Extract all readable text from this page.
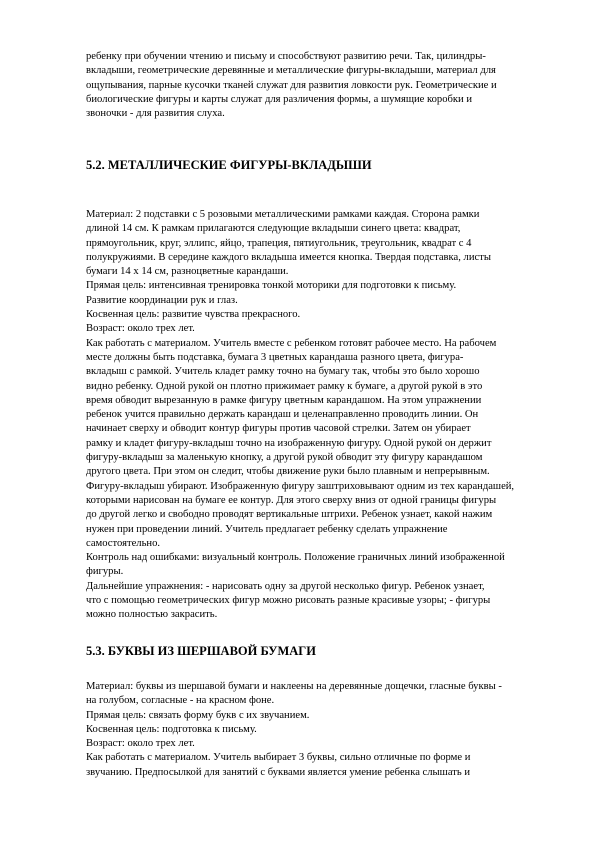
ребенку при обучении чтению и письму и способствуют развитию речи. Так, цилиндры-

вкладыши, геометрические деревянные и металлические фигуры-вкладыши, материал для

ощупывания, парные кусочки тканей служат для развития ловкости рук. Геометрические и

биологические фигуры и карты служат для различения формы, а шумящие коробки и

звоночки - для развития слуха.

5.2. МЕТАЛЛИЧЕСКИЕ ФИГУРЫ-ВКЛАДЫШИ

Материал: 2 подставки с 5 розовыми металлическими рамками каждая. Сторона рамки

длиной 14 см. К рамкам прилагаются следующие вкладыши синего цвета: квадрат,

прямоугольник, круг, эллипс, яйцо, трапеция, пятиугольник, треугольник, квадрат с 4

полукружиями. В середине каждого вкладыша имеется кнопка. Твердая подставка, листы

бумаги 14 х 14 см, разноцветные карандаши.

Прямая цель: интенсивная тренировка тонкой моторики для подготовки к письму.

Развитие координации рук и глаз.

Косвенная цель: развитие чувства прекрасного.

Возраст: около трех лет.

Как работать с материалом. Учитель вместе с ребенком готовят рабочее место. На рабочем

месте должны быть подставка, бумага 3 цветных карандаша разного цвета, фигура-

вкладыш с рамкой. Учитель кладет рамку точно на бумагу так, чтобы это было хорошо

видно ребенку. Одной рукой он плотно прижимает рамку к бумаге, а другой рукой в это

время обводит вырезанную в рамке фигуру цветным карандашом. На этом упражнении

ребенок учится правильно держать карандаш и целенаправленно проводить линии. Он

начинает сверху и обводит контур фигуры против часовой стрелки. Затем он убирает

рамку и кладет фигуру-вкладыш точно на изображенную фигуру. Одной рукой он держит

фигуру-вкладыш за маленькую кнопку, а другой рукой обводит эту фигуру карандашом

другого цвета. При этом он следит, чтобы движение руки было плавным и непрерывным.

Фигуру-вкладыш убирают. Изображенную фигуру заштриховывают одним из тех карандашей,

которыми нарисован на бумаге ее контур. Для этого сверху вниз от одной границы фигуры

до другой легко и свободно проводят вертикальные штрихи. Ребенок узнает, какой нажим

нужен при проведении линий. Учитель предлагает ребенку сделать упражнение

самостоятельно.

Контроль над ошибками: визуальный контроль. Положение граничных линий изображенной

фигуры.

Дальнейшие упражнения: - нарисовать одну за другой несколько фигур. Ребенок узнает,

что с помощью геометрических фигур можно рисовать разные красивые узоры; - фигуры

можно полностью закрасить.

5.3. БУКВЫ ИЗ ШЕРШАВОЙ БУМАГИ

Материал: буквы из шершавой бумаги и наклеены на деревянные дощечки, гласные буквы -

на голубом, согласные - на красном фоне.

Прямая цель: связать форму букв с их звучанием.

Косвенная цель: подготовка к письму.

Возраст: около трех лет.

Как работать с материалом. Учитель выбирает 3 буквы, сильно отличные по форме и

звучанию. Предпосылкой для занятий с буквами является умение ребенка слышать и
